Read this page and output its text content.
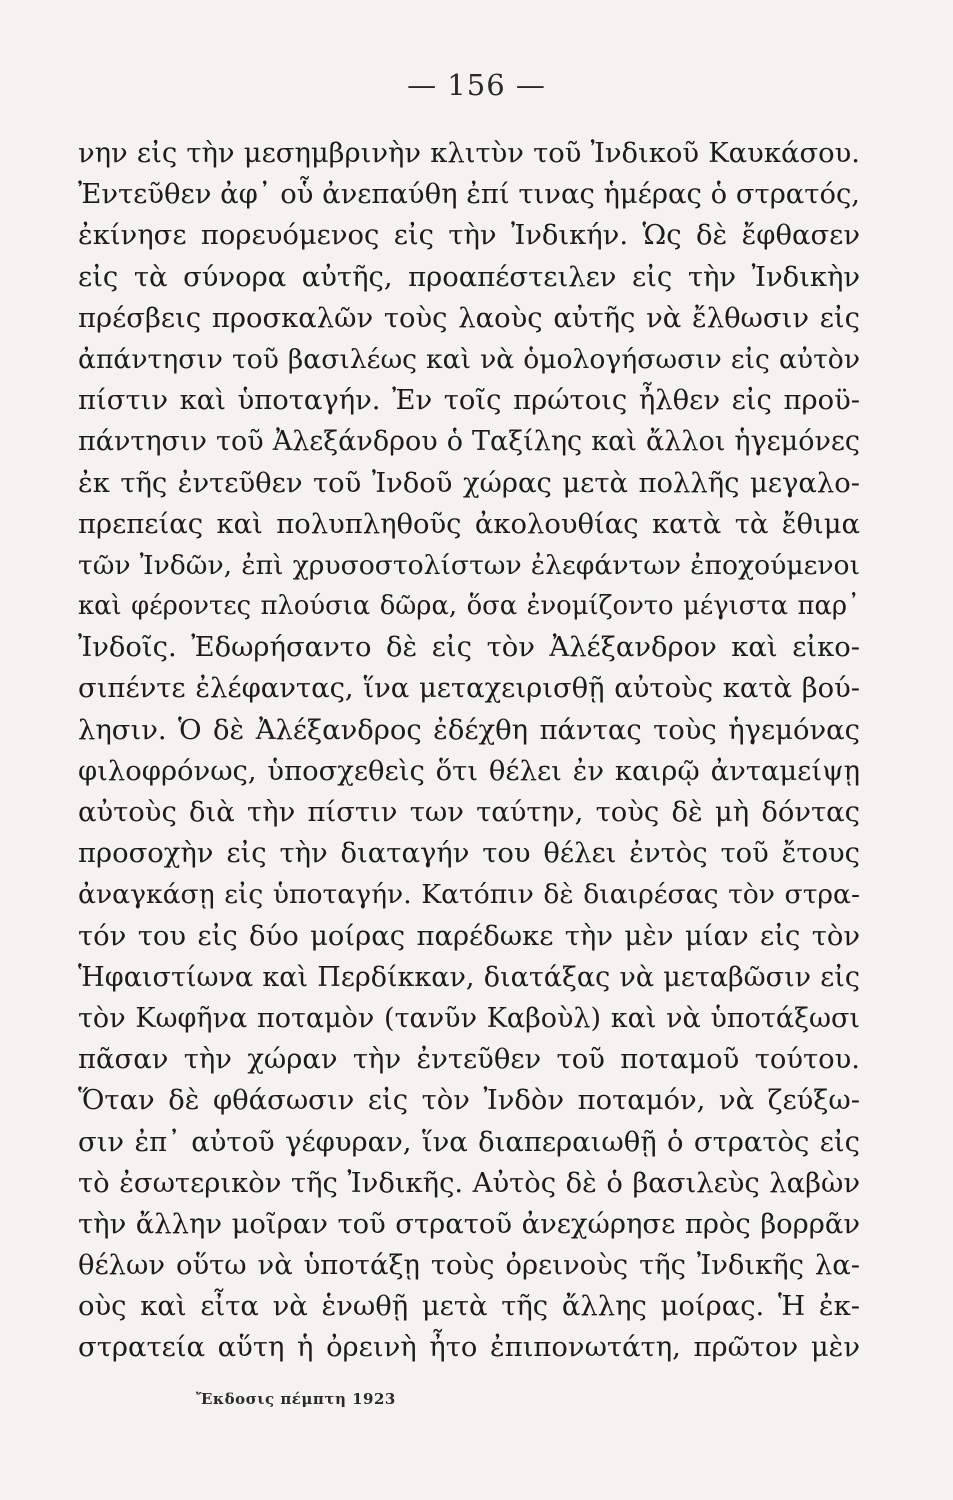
— 156 —
νην εἰς τὴν μεσημβρινὴν κλιτὺν τοῦ Ἰνδικοῦ Καυκάσου.
Ἐντεῦθεν ἀφ᾽ οὗ ἀνεπαύθη ἐπί τινας ἡμέρας ὁ στρατός,
ἐκίνησε πορευόμενος εἰς τὴν Ἰνδικήν. Ὡς δὲ ἔφθασεν
εἰς τὰ σύνορα αὐτῆς, προαπέστειλεν εἰς τὴν Ἰνδικὴν
πρέσβεις προσκαλῶν τοὺς λαοὺς αὐτῆς νὰ ἔλθωσιν εἰς
ἀπάντησιν τοῦ βασιλέως καὶ νὰ ὁμολογήσωσιν εἰς αὐτὸν
πίστιν καὶ ὑποταγήν. Ἐν τοῖς πρώτοις ἦλθεν εἰς προϋ-
πάντησιν τοῦ Ἀλεξάνδρου ὁ Ταξίλης καὶ ἄλλοι ἡγεμόνες
ἐκ τῆς ἐντεῦθεν τοῦ Ἰνδοῦ χώρας μετὰ πολλῆς μεγαλο-
πρεπείας καὶ πολυπληθοῦς ἀκολουθίας κατὰ τὰ ἔθιμα
τῶν Ἰνδῶν, ἐπὶ χρυσοστολίστων ἐλεφάντων ἐποχούμενοι
καὶ φέροντες πλούσια δῶρα, ὅσα ἐνομίζοντο μέγιστα παρ᾽
Ἰνδοῖς. Ἐδωρήσαντο δὲ εἰς τὸν Ἀλέξανδρον καὶ εἰκο-
σιπέντε ἐλέφαντας, ἵνα μεταχειρισθῇ αὐτοὺς κατὰ βού-
λησιν. Ὁ δὲ Ἀλέξανδρος ἐδέχθη πάντας τοὺς ἡγεμόνας
φιλοφρόνως, ὑποσχεθεὶς ὅτι θέλει ἐν καιρῷ ἀνταμείψῃ
αὐτοὺς διὰ τὴν πίστιν των ταύτην, τοὺς δὲ μὴ δόντας
προσοχὴν εἰς τὴν διαταγήν του θέλει ἐντὸς τοῦ ἔτους
ἀναγκάσῃ εἰς ὑποταγήν. Κατόπιν δὲ διαιρέσας τὸν στρα-
τόν του εἰς δύο μοίρας παρέδωκε τὴν μὲν μίαν εἰς τὸν
Ἡφαιστίωνα καὶ Περδίκκαν, διατάξας νὰ μεταβῶσιν εἰς
τὸν Κωφῆνα ποταμὸν (τανῦν Καβοὺλ) καὶ νὰ ὑποτάξωσι
πᾶσαν τὴν χώραν τὴν ἐντεῦθεν τοῦ ποταμοῦ τούτου.
Ὅταν δὲ φθάσωσιν εἰς τὸν Ἰνδὸν ποταμόν, νὰ ζεύξω-
σιν ἐπ᾽ αὐτοῦ γέφυραν, ἵνα διαπεραιωθῇ ὁ στρατὸς εἰς
τὸ ἐσωτερικὸν τῆς Ἰνδικῆς. Αὐτὸς δὲ ὁ βασιλεὺς λαβὼν
τὴν ἄλλην μοῖραν τοῦ στρατοῦ ἀνεχώρησε πρὸς βορρᾶν
θέλων οὕτω νὰ ὑποτάξῃ τοὺς ὀρεινοὺς τῆς Ἰνδικῆς λα-
οὺς καὶ εἶτα νὰ ἑνωθῇ μετὰ τῆς ἄλλης μοίρας. Ἡ ἐκ-
στρατεία αὕτη ἡ ὀρεινὴ ἦτο ἐπιπονωτάτη, πρῶτον μὲν
Ἔκδοσις πέμπτη 1923
